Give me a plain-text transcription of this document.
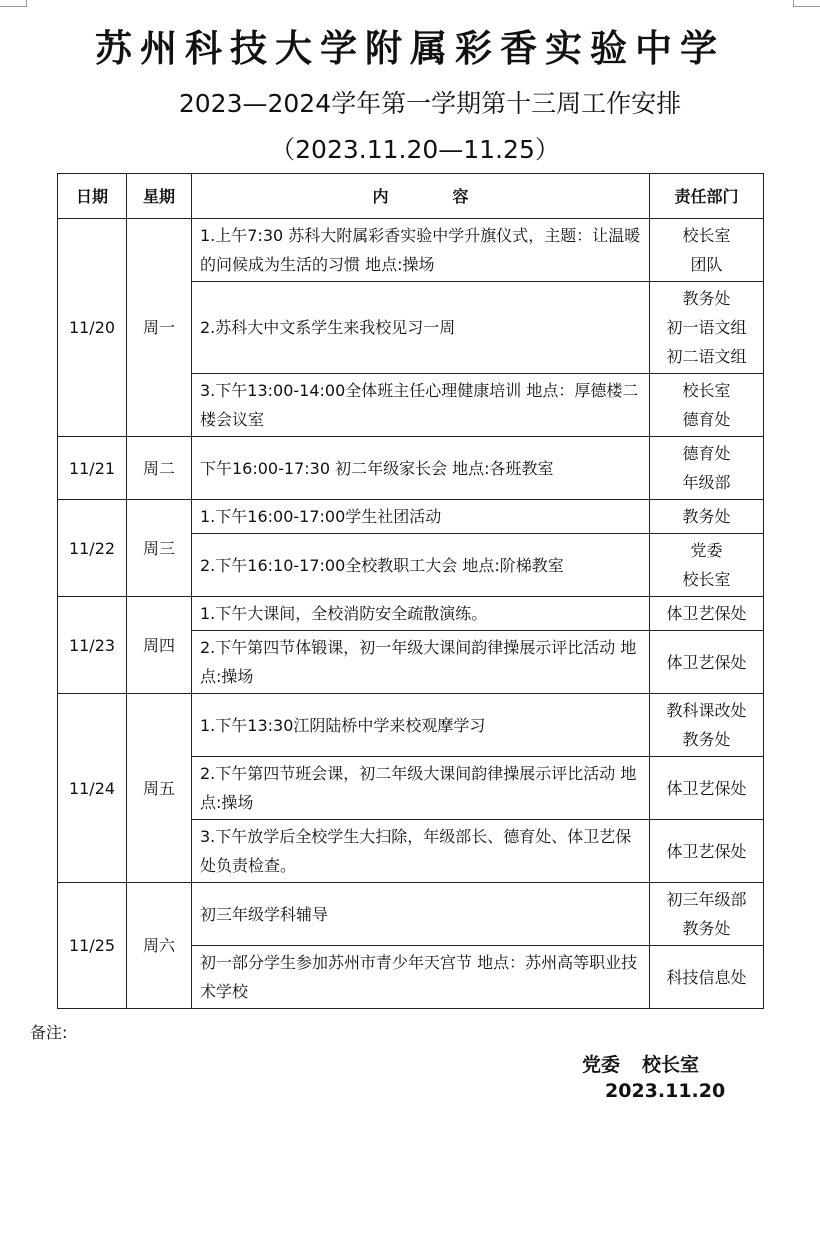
苏州科技大学附属彩香实验中学
2023—2024学年第一学期第十三周工作安排
（2023.11.20—11.25）
日期	星期	内　　　　容	责任部门
11/20	周一	1.上午7:30 苏科大附属彩香实验中学升旗仪式，主题：让温暖的问候成为生活的习惯 地点:操场	校长室
团队

		2.苏科大中文系学生来我校见习一周	教务处
初一语文组
初二语文组

		3.下午13:00-14:00全体班主任心理健康培训 地点：厚德楼二楼会议室	校长室
德育处

11/21	周二	下午16:00-17:30 初二年级家长会 地点:各班教室	德育处
年级部

11/22	周三	1.下午16:00-17:00学生社团活动	教务处

		2.下午16:10-17:00全校教职工大会 地点:阶梯教室	党委
校长室

11/23	周四	1.下午大课间，全校消防安全疏散演练。	体卫艺保处

		2.下午第四节体锻课，初一年级大课间韵律操展示评比活动 地点:操场	体卫艺保处

11/24	周五	1.下午13:30江阴陆桥中学来校观摩学习	教科课改处
教务处

		2.下午第四节班会课，初二年级大课间韵律操展示评比活动 地点:操场	体卫艺保处

		3.下午放学后全校学生大扫除，年级部长、德育处、体卫艺保处负责检查。	体卫艺保处

11/25	周六	初三年级学科辅导	初三年级部
教务处

		初一部分学生参加苏州市青少年天宫节 地点：苏州高等职业技术学校	科技信息处
备注:
党委 校长室
2023.11.20
